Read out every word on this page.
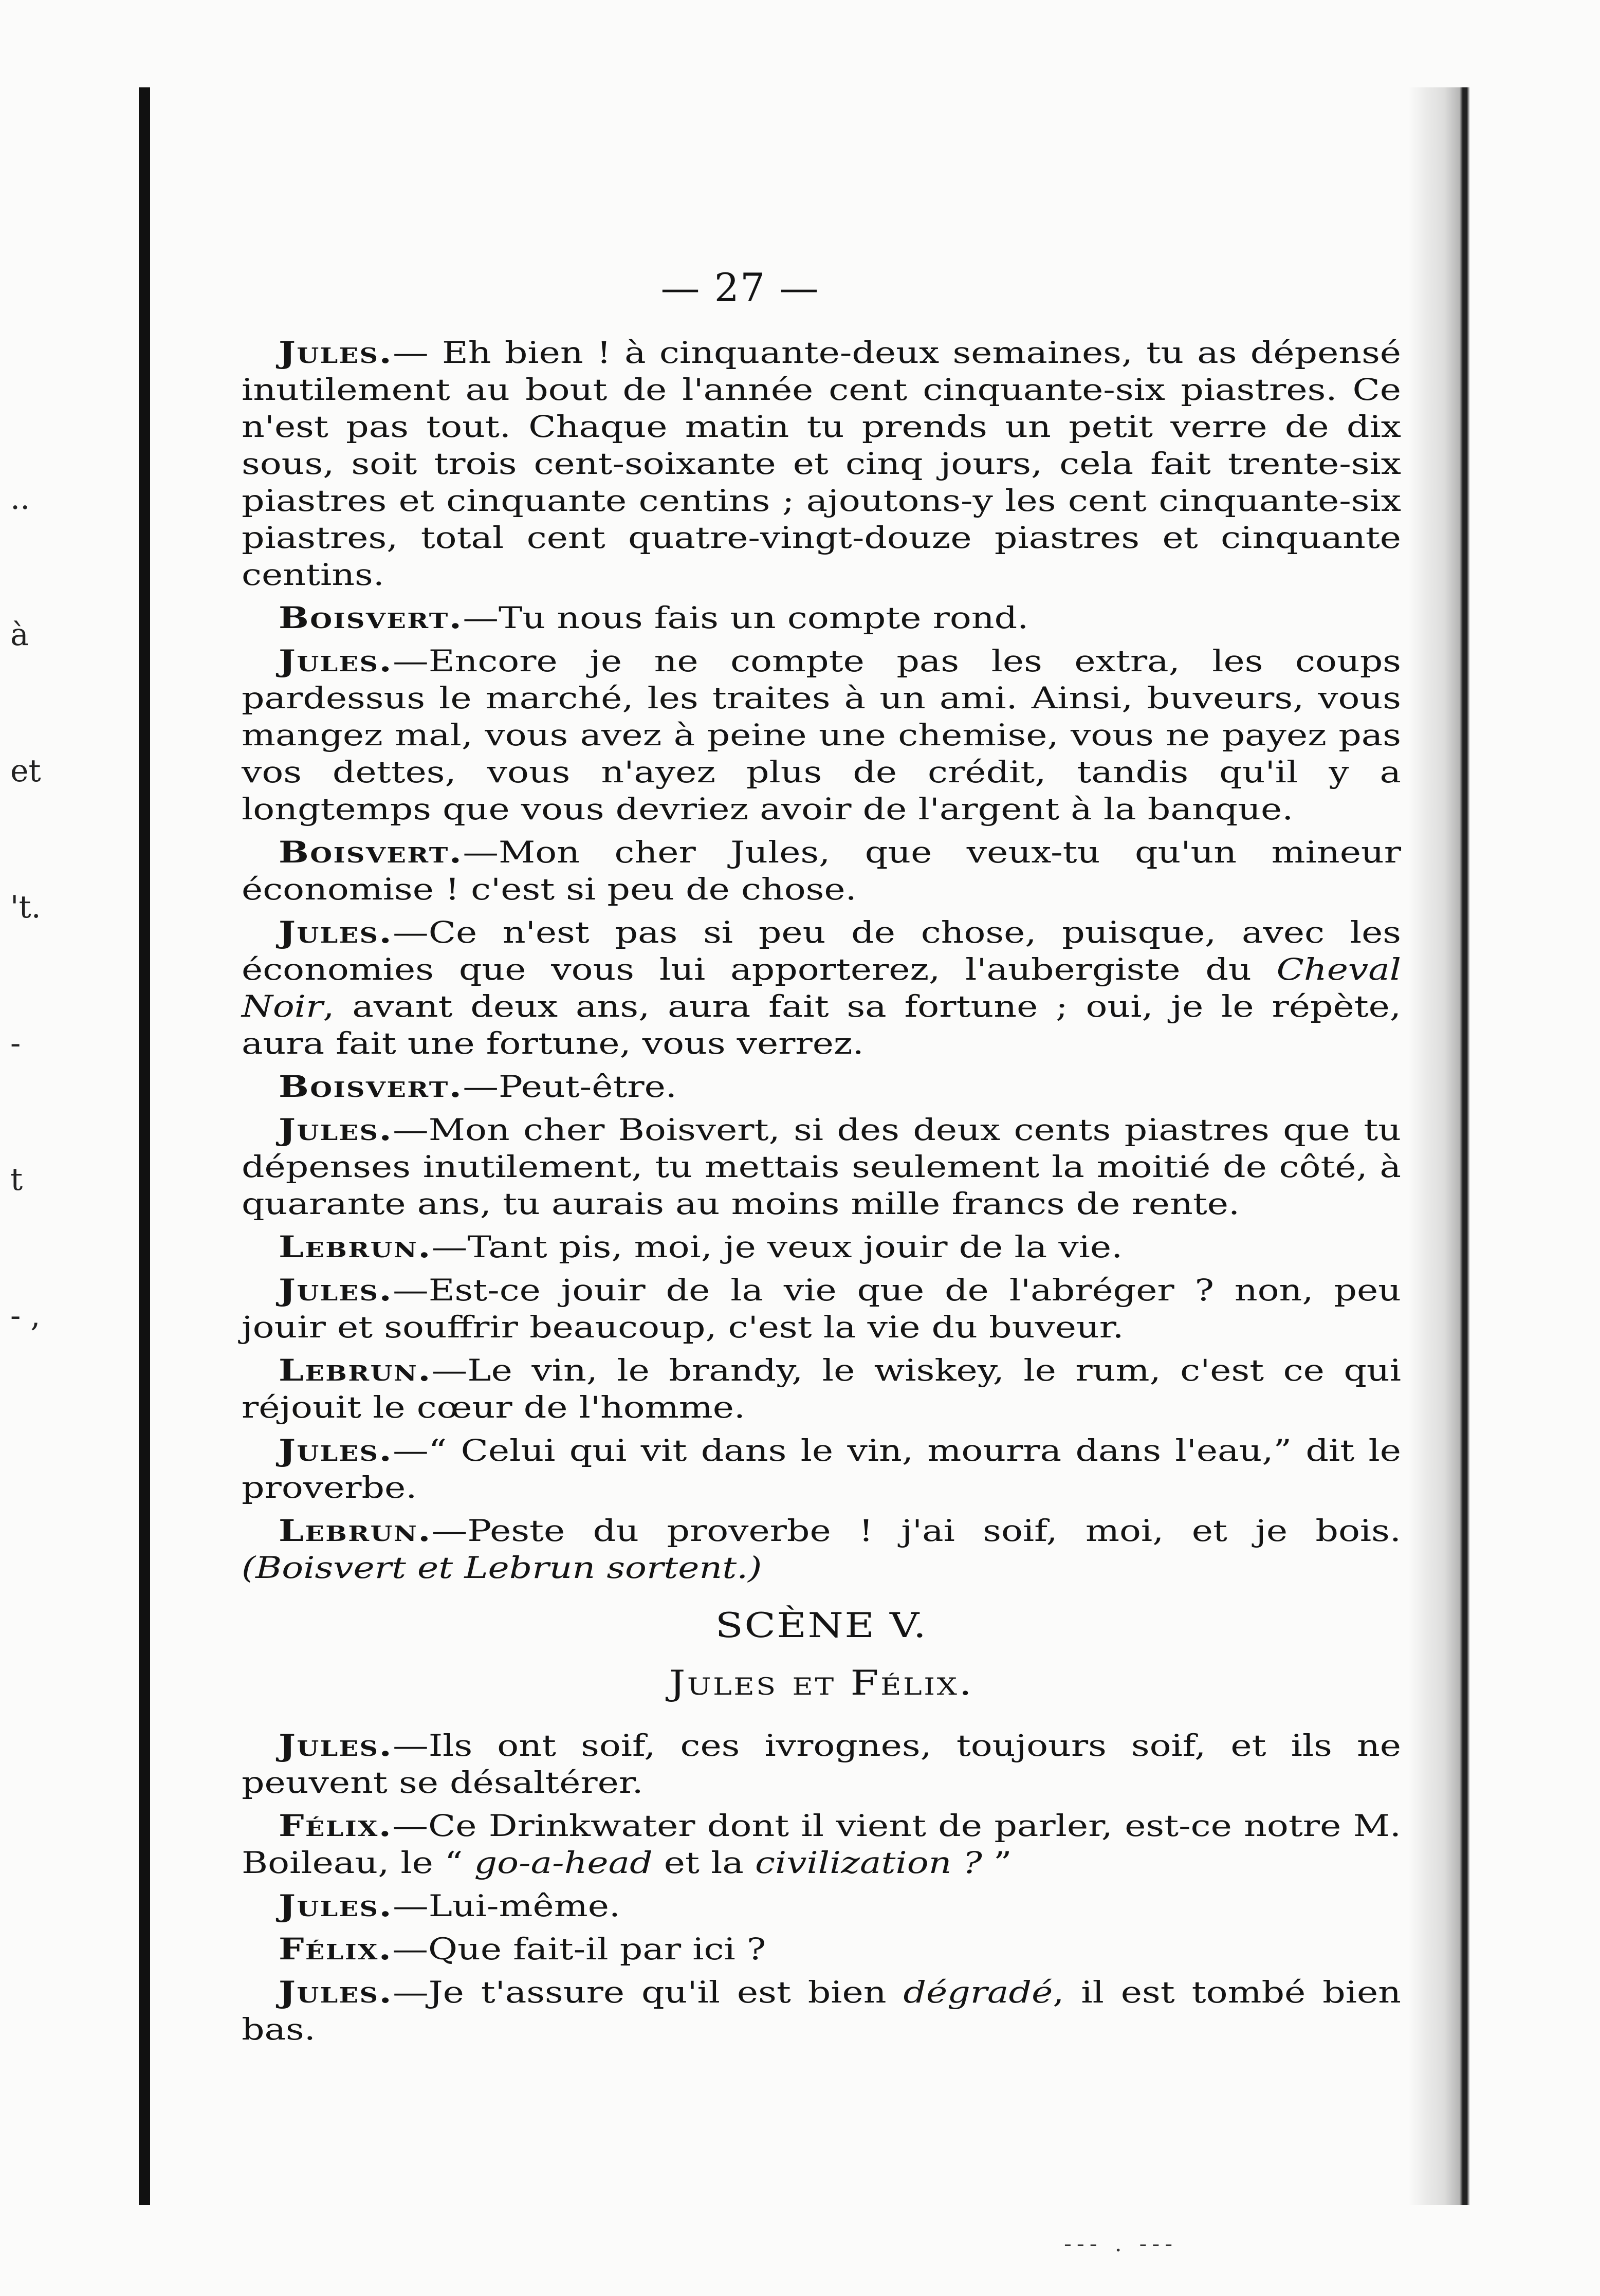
..
à
et
't.
-
t
- ,
— 27 —

Jules.— Eh bien ! à cinquante-deux semaines, tu as dépensé inutilement au bout de l'année cent cinquante-six piastres. Ce n'est pas tout. Chaque matin tu prends un petit verre de dix sous, soit trois cent-soixante et cinq jours, cela fait trente-six piastres et cinquante centins ; ajoutons-y les cent cinquante-six piastres, total cent quatre-vingt-douze piastres et cinquante centins.

Boisvert.—Tu nous fais un compte rond.

Jules.—Encore je ne compte pas les extra, les coups pardessus le marché, les traites à un ami. Ainsi, buveurs, vous mangez mal, vous avez à peine une chemise, vous ne payez pas vos dettes, vous n'ayez plus de crédit, tandis qu'il y a longtemps que vous devriez avoir de l'argent à la banque.

Boisvert.—Mon cher Jules, que veux-tu qu'un mineur économise ! c'est si peu de chose.

Jules.—Ce n'est pas si peu de chose, puisque, avec les économies que vous lui apporterez, l'aubergiste du Cheval Noir, avant deux ans, aura fait sa fortune ; oui, je le répète, aura fait une fortune, vous verrez.

Boisvert.—Peut-être.

Jules.—Mon cher Boisvert, si des deux cents piastres que tu dépenses inutilement, tu mettais seulement la moitié de côté, à quarante ans, tu aurais au moins mille francs de rente.

Lebrun.—Tant pis, moi, je veux jouir de la vie.

Jules.—Est-ce jouir de la vie que de l'abréger ? non, peu jouir et souffrir beaucoup, c'est la vie du buveur.

Lebrun.—Le vin, le brandy, le wiskey, le rum, c'est ce qui réjouit le cœur de l'homme.

Jules.—“ Celui qui vit dans le vin, mourra dans l'eau,” dit le proverbe.

Lebrun.—Peste du proverbe ! j'ai soif, moi, et je bois. (Boisvert et Lebrun sortent.)

SCÈNE V.
Jules et Félix.

Jules.—Ils ont soif, ces ivrognes, toujours soif, et ils ne peuvent se désaltérer.

Félix.—Ce Drinkwater dont il vient de parler, est-ce notre M. Boileau, le “ go-a-head et la civilization ? ”

Jules.—Lui-même.

Félix.—Que fait-il par ici ?

Jules.—Je t'assure qu'il est bien dégradé, il est tombé bien bas.

--- . ---
